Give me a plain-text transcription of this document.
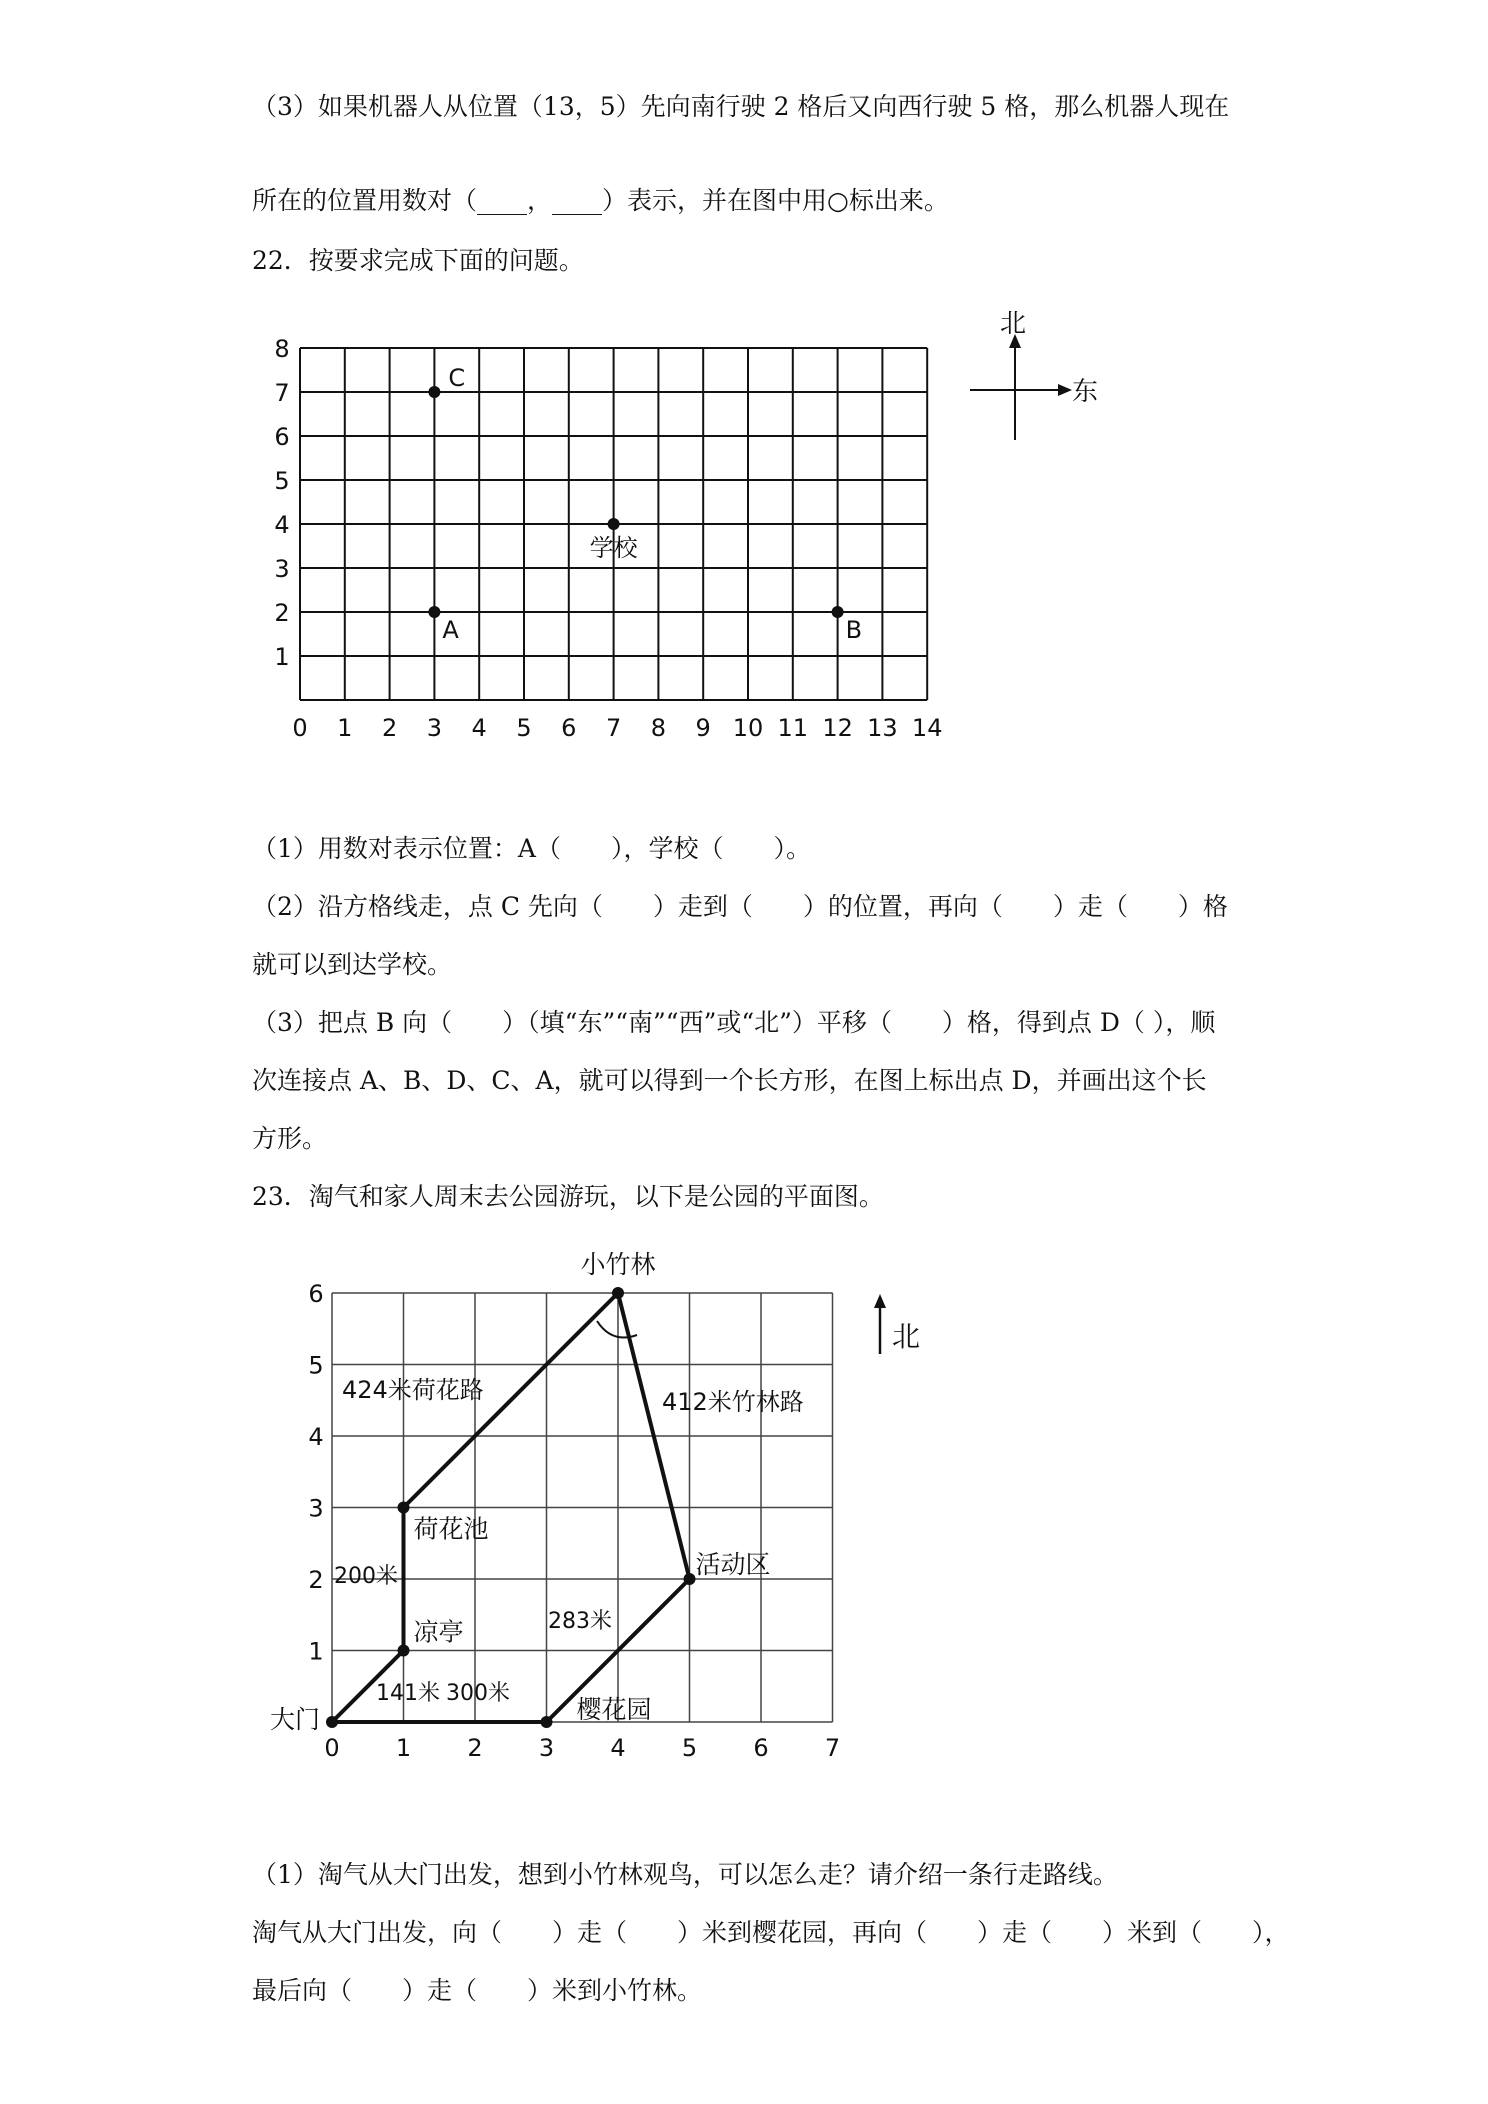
（3）如果机器人从位置（13，5）先向南行驶 2 格后又向西行驶 5 格，那么机器人现在
所在的位置用数对（____，____）表示，并在图中用○标出来。
22．按要求完成下面的问题。
0 1 2 3 4 5 6 7 8 9 10 11 12 13 14
1
2
3
4
5
6
7
8
C
学校
A	B
北
东
（1）用数对表示位置：A（　　），学校（　　）。
（2）沿方格线走，点 C 先向（　　）走到（　　）的位置，再向（　　）走（　　）格
就可以到达学校。
（3）把点 B 向（　　）（填“东”“南”“西”或“北”）平移（　　）格，得到点 D（ ），顺
次连接点 A、B、D、C、A，就可以得到一个长方形，在图上标出点 D，并画出这个长
方形。
23．淘气和家人周末去公园游玩，以下是公园的平面图。
0 1 2 3 4 5 6 7
1
2
3
4
5
6
大门
凉亭
荷花池
小竹林
活动区
樱花园
424米荷花路	412米竹林路
200米
283米
141米 300米
北
（1）淘气从大门出发，想到小竹林观鸟，可以怎么走？请介绍一条行走路线。
淘气从大门出发，向（　　）走（　　）米到樱花园，再向（　　）走（　　）米到（　　），
最后向（　　）走（　　）米到小竹林。
